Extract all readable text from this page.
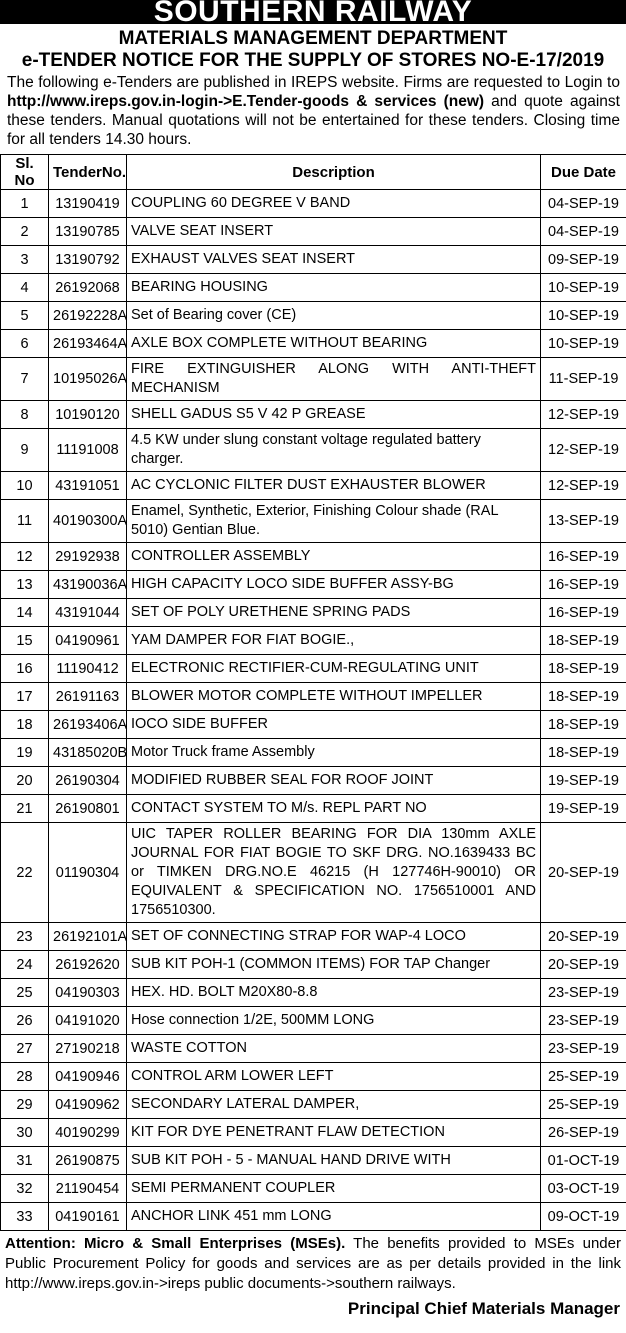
SOUTHERN RAILWAY
MATERIALS MANAGEMENT DEPARTMENT
e-TENDER NOTICE FOR THE SUPPLY OF STORES NO-E-17/2019
The following e-Tenders are published in IREPS website. Firms are requested to Login to http://www.ireps.gov.in-login->E.Tender-goods & services (new) and quote against these tenders. Manual quotations will not be entertained for these tenders. Closing time for all tenders 14.30 hours.
Sl. No	TenderNo.	Description	Due Date
1	13190419	COUPLING 60 DEGREE V BAND	04-SEP-19
2	13190785	VALVE SEAT INSERT	04-SEP-19
3	13190792	EXHAUST VALVES SEAT INSERT	09-SEP-19
4	26192068	BEARING HOUSING	10-SEP-19
5	26192228A	Set of Bearing cover (CE)	10-SEP-19
6	26193464A	AXLE BOX COMPLETE WITHOUT BEARING	10-SEP-19
7	10195026A	FIRE EXTINGUISHER ALONG WITH ANTI-THEFT MECHANISM	11-SEP-19
8	10190120	SHELL GADUS S5 V 42 P GREASE	12-SEP-19
9	11191008	4.5 KW under slung constant voltage regulated battery charger.	12-SEP-19
10	43191051	AC CYCLONIC FILTER DUST EXHAUSTER BLOWER	12-SEP-19
11	40190300A	Enamel, Synthetic, Exterior, Finishing Colour shade (RAL 5010) Gentian Blue.	13-SEP-19
12	29192938	CONTROLLER ASSEMBLY	16-SEP-19
13	43190036A	HIGH CAPACITY LOCO SIDE BUFFER ASSY-BG	16-SEP-19
14	43191044	SET OF POLY URETHENE SPRING PADS	16-SEP-19
15	04190961	YAM DAMPER FOR FIAT BOGIE.,	18-SEP-19
16	11190412	ELECTRONIC RECTIFIER-CUM-REGULATING UNIT	18-SEP-19
17	26191163	BLOWER MOTOR COMPLETE WITHOUT IMPELLER	18-SEP-19
18	26193406A	IOCO SIDE BUFFER	18-SEP-19
19	43185020B	Motor Truck frame Assembly	18-SEP-19
20	26190304	MODIFIED RUBBER SEAL FOR ROOF JOINT	19-SEP-19
21	26190801	CONTACT SYSTEM TO M/s. REPL PART NO	19-SEP-19
22	01190304	UIC TAPER ROLLER BEARING FOR DIA 130mm AXLE JOURNAL FOR FIAT BOGIE TO SKF DRG. NO.1639433 BC or TIMKEN DRG.NO.E 46215 (H 127746H-90010) OR EQUIVALENT & SPECIFICATION NO. 1756510001 AND 1756510300.	20-SEP-19
23	26192101A	SET OF CONNECTING STRAP FOR WAP-4 LOCO	20-SEP-19
24	26192620	SUB KIT POH-1 (COMMON ITEMS) FOR TAP Changer	20-SEP-19
25	04190303	HEX. HD. BOLT M20X80-8.8	23-SEP-19
26	04191020	Hose connection 1/2E, 500MM LONG	23-SEP-19
27	27190218	WASTE COTTON	23-SEP-19
28	04190946	CONTROL ARM LOWER LEFT	25-SEP-19
29	04190962	SECONDARY LATERAL DAMPER,	25-SEP-19
30	40190299	KIT FOR DYE PENETRANT FLAW DETECTION	26-SEP-19
31	26190875	SUB KIT POH - 5 - MANUAL HAND DRIVE WITH	01-OCT-19
32	21190454	SEMI PERMANENT COUPLER	03-OCT-19
33	04190161	ANCHOR LINK 451 mm LONG	09-OCT-19
Attention: Micro & Small Enterprises (MSEs). The benefits provided to MSEs under Public Procurement Policy for goods and services are as per details provided in the link http://www.ireps.gov.in->ireps public documents->southern railways.
Principal Chief Materials Manager
